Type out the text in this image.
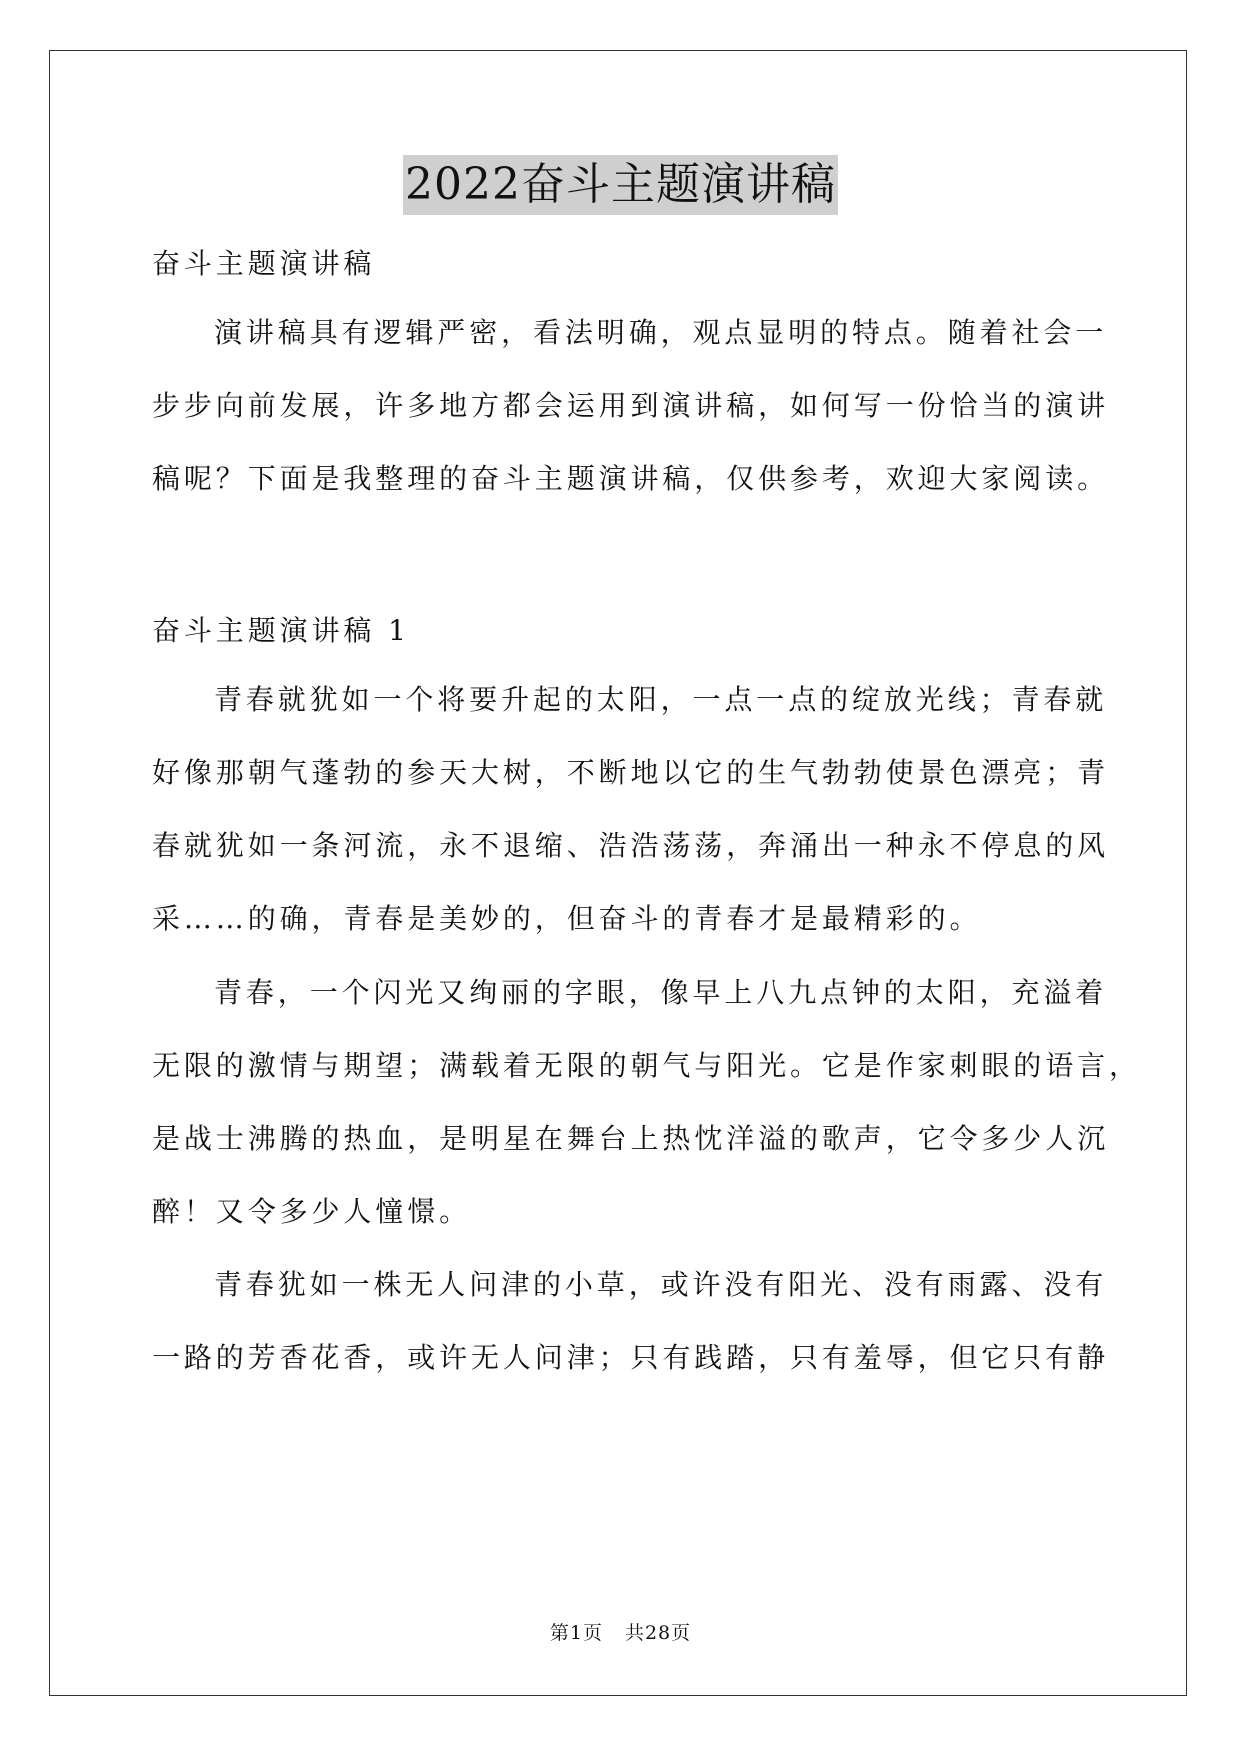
2022奋斗主题演讲稿
奋斗主题演讲稿
演讲稿具有逻辑严密，看法明确，观点显明的特点。随着社会一
步步向前发展，许多地方都会运用到演讲稿，如何写一份恰当的演讲
稿呢？下面是我整理的奋斗主题演讲稿，仅供参考，欢迎大家阅读。
奋斗主题演讲稿 1
青春就犹如一个将要升起的太阳，一点一点的绽放光线；青春就
好像那朝气蓬勃的参天大树，不断地以它的生气勃勃使景色漂亮；青
春就犹如一条河流，永不退缩、浩浩荡荡，奔涌出一种永不停息的风
采……的确，青春是美妙的，但奋斗的青春才是最精彩的。
青春，一个闪光又绚丽的字眼，像早上八九点钟的太阳，充溢着
无限的激情与期望；满载着无限的朝气与阳光。它是作家刺眼的语言，
是战士沸腾的热血，是明星在舞台上热忱洋溢的歌声，它令多少人沉
醉！又令多少人憧憬。
青春犹如一株无人问津的小草，或许没有阳光、没有雨露、没有
一路的芳香花香，或许无人问津；只有践踏，只有羞辱，但它只有静
第1页 共28页
